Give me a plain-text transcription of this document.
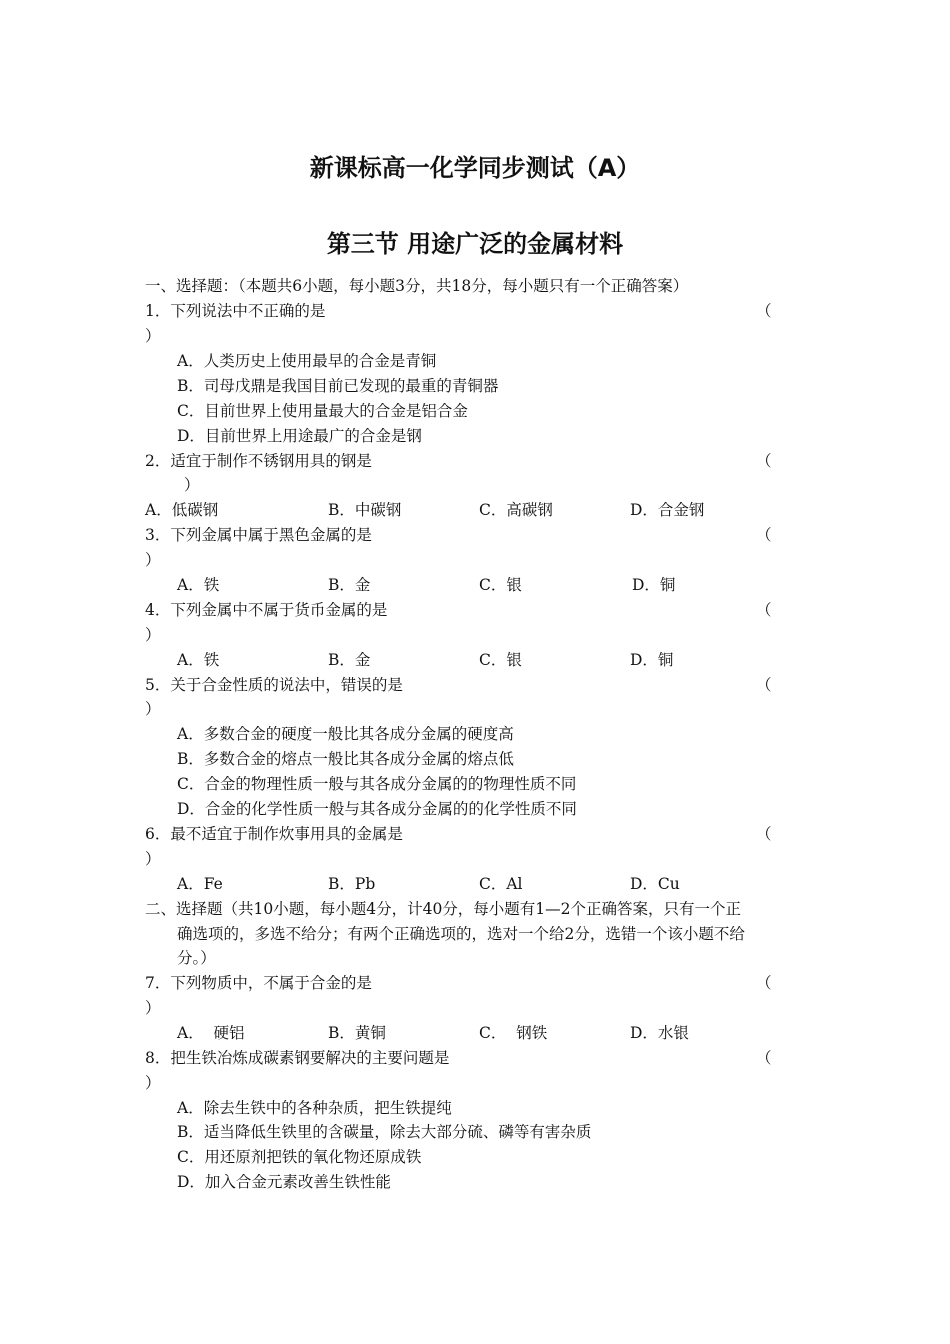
新课标高一化学同步测试（A）
第三节 用途广泛的金属材料
一、选择题：（本题共6小题，每小题3分，共18分，每小题只有一个正确答案）
1．下列说法中不正确的是	（
）
A．人类历史上使用最早的合金是青铜
B．司母戊鼎是我国目前已发现的最重的青铜器
C．目前世界上使用量最大的合金是铝合金
D．目前世界上用途最广的合金是钢
2．适宜于制作不锈钢用具的钢是	（
）
A．低碳钢	B．中碳钢	C．高碳钢	D．合金钢
3．下列金属中属于黑色金属的是	（
）
A．铁	B．金	C．银	D．铜
4．下列金属中不属于货币金属的是	（
）
A．铁	B．金	C．银	D．铜
5．关于合金性质的说法中，错误的是	（
）
A．多数合金的硬度一般比其各成分金属的硬度高
B．多数合金的熔点一般比其各成分金属的熔点低
C．合金的物理性质一般与其各成分金属的的物理性质不同
D．合金的化学性质一般与其各成分金属的的化学性质不同
6．最不适宜于制作炊事用具的金属是	（
）
A．Fe	B．Pb	C．Al	D．Cu
二、选择题（共10小题，每小题4分，计40分，每小题有1—2个正确答案，只有一个正
确选项的，多选不给分；有两个正确选项的，选对一个给2分，选错一个该小题不给
分。）
7．下列物质中，不属于合金的是	（
）
A．  硬铝	B．黄铜	C．  钢铁	D．水银
8．把生铁冶炼成碳素钢要解决的主要问题是	（
）
A．除去生铁中的各种杂质，把生铁提纯
B．适当降低生铁里的含碳量，除去大部分硫、磷等有害杂质
C．用还原剂把铁的氧化物还原成铁
D．加入合金元素改善生铁性能
